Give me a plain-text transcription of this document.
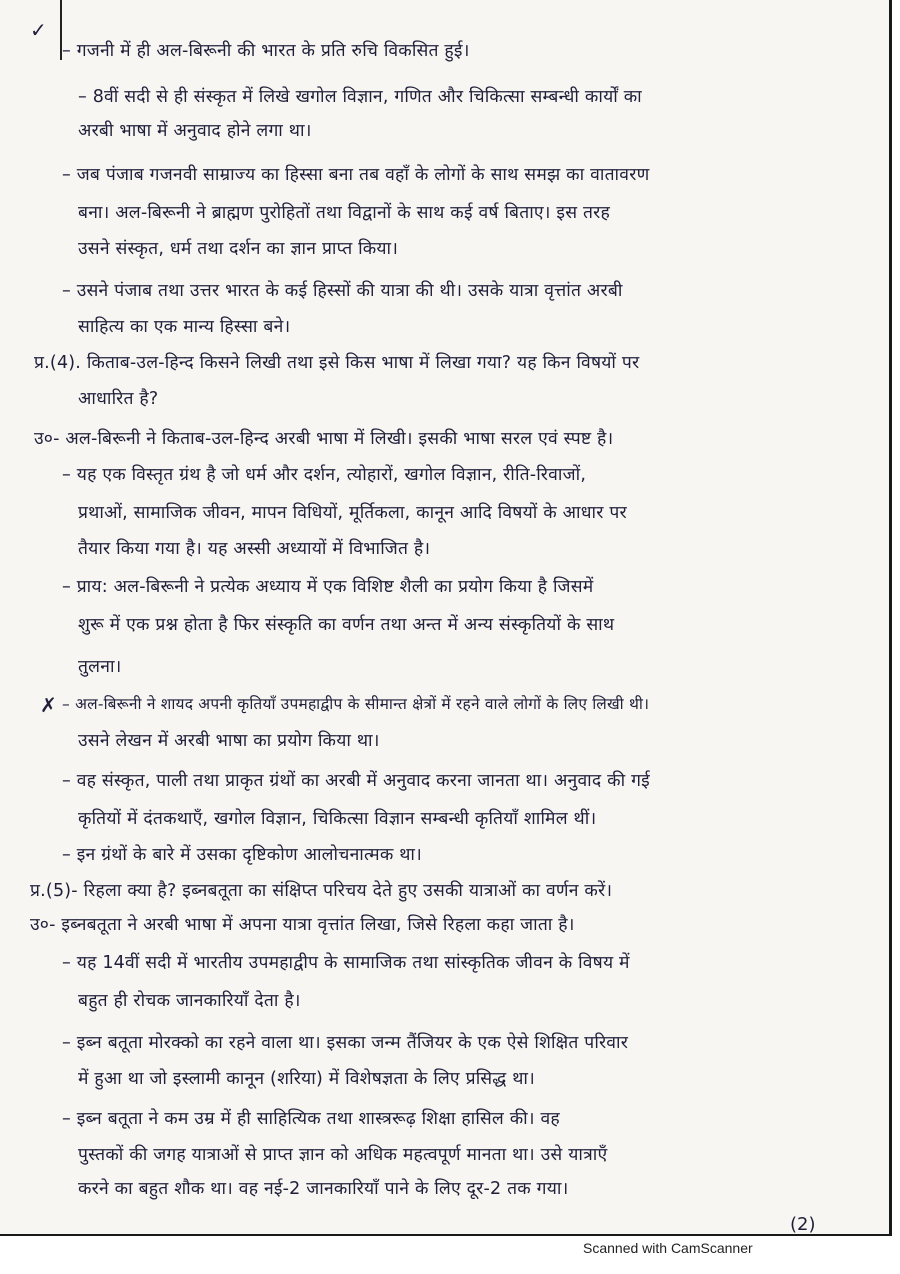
✓
✗
– गजनी में ही अल-बिरूनी की भारत के प्रति रुचि विकसित हुई।
– 8वीं सदी से ही संस्कृत में लिखे खगोल विज्ञान, गणित और चिकित्सा सम्बन्धी कार्यों का
अरबी भाषा में अनुवाद होने लगा था।
– जब पंजाब गजनवी साम्राज्य का हिस्सा बना तब वहाँ के लोगों के साथ समझ का वातावरण
बना। अल-बिरूनी ने ब्राह्मण पुरोहितों तथा विद्वानों के साथ कई वर्ष बिताए। इस तरह
उसने संस्कृत, धर्म तथा दर्शन का ज्ञान प्राप्त किया।
– उसने पंजाब तथा उत्तर भारत के कई हिस्सों की यात्रा की थी। उसके यात्रा वृत्तांत अरबी
साहित्य का एक मान्य हिस्सा बने।
प्र.(4). किताब-उल-हिन्द किसने लिखी तथा इसे किस भाषा में लिखा गया? यह किन विषयों पर
आधारित है?
उ०- अल-बिरूनी ने किताब-उल-हिन्द अरबी भाषा में लिखी। इसकी भाषा सरल एवं स्पष्ट है।
– यह एक विस्तृत ग्रंथ है जो धर्म और दर्शन, त्योहारों, खगोल विज्ञान, रीति-रिवाजों,
प्रथाओं, सामाजिक जीवन, मापन विधियों, मूर्तिकला, कानून आदि विषयों के आधार पर
तैयार किया गया है। यह अस्सी अध्यायों में विभाजित है।
– प्राय: अल-बिरूनी ने प्रत्येक अध्याय में एक विशिष्ट शैली का प्रयोग किया है जिसमें
शुरू में एक प्रश्न होता है फिर संस्कृति का वर्णन तथा अन्त में अन्य संस्कृतियों के साथ
तुलना।
– अल-बिरूनी ने शायद अपनी कृतियाँ उपमहाद्वीप के सीमान्त क्षेत्रों में रहने वाले लोगों के लिए लिखी थी।
उसने लेखन में अरबी भाषा का प्रयोग किया था।
– वह संस्कृत, पाली तथा प्राकृत ग्रंथों का अरबी में अनुवाद करना जानता था। अनुवाद की गई
कृतियों में दंतकथाएँ, खगोल विज्ञान, चिकित्सा विज्ञान सम्बन्धी कृतियाँ शामिल थीं।
– इन ग्रंथों के बारे में उसका दृष्टिकोण आलोचनात्मक था।
प्र.(5)- रिहला क्या है? इब्नबतूता का संक्षिप्त परिचय देते हुए उसकी यात्राओं का वर्णन करें।
उ०- इब्नबतूता ने अरबी भाषा में अपना यात्रा वृत्तांत लिखा, जिसे रिहला कहा जाता है।
– यह 14वीं सदी में भारतीय उपमहाद्वीप के सामाजिक तथा सांस्कृतिक जीवन के विषय में
बहुत ही रोचक जानकारियाँ देता है।
– इब्न बतूता मोरक्को का रहने वाला था। इसका जन्म तैंजियर के एक ऐसे शिक्षित परिवार
में हुआ था जो इस्लामी कानून (शरिया) में विशेषज्ञता के लिए प्रसिद्ध था।
– इब्न बतूता ने कम उम्र में ही साहित्यिक तथा शास्त्ररूढ़ शिक्षा हासिल की। वह
पुस्तकों की जगह यात्राओं से प्राप्त ज्ञान को अधिक महत्वपूर्ण मानता था। उसे यात्राएँ
करने का बहुत शौक था। वह नई-2 जानकारियाँ पाने के लिए दूर-2 तक गया।
(2)
Scanned with CamScanner
